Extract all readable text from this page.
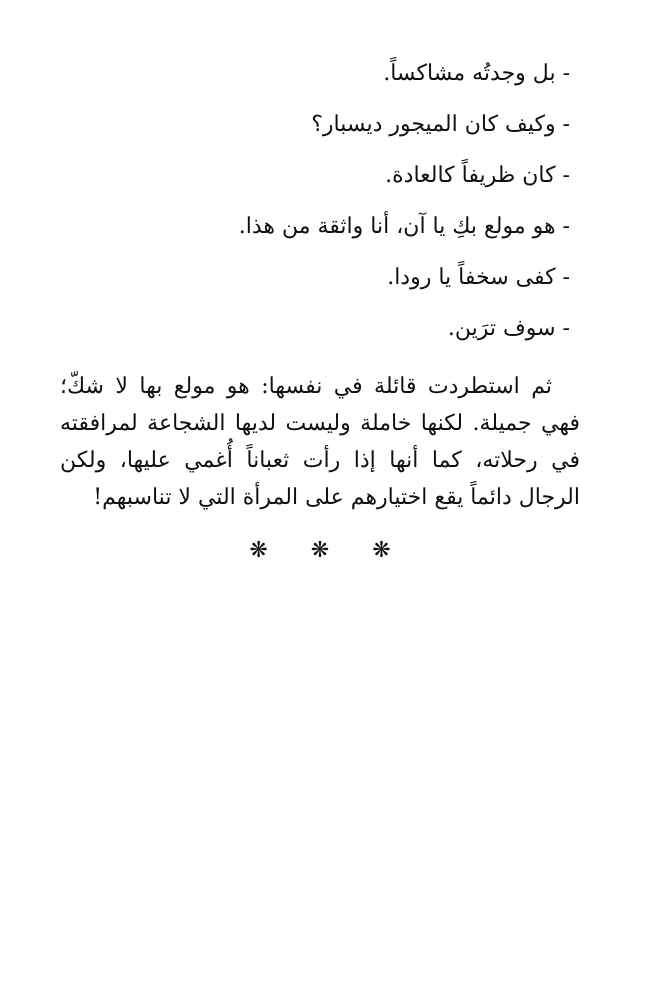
- بل وجدتُه مشاكساً.

- وكيف كان الميجور ديسبار؟

- كان ظريفاً كالعادة.

- هو مولع بكِ يا آن، أنا واثقة من هذا.

- كفى سخفاً يا رودا.

- سوف ترَين.

ثم استطردت قائلة في نفسها: هو مولع بها لا شكّ؛ فهي جميلة. لكنها خاملة وليست لديها الشجاعة لمرافقته في رحلاته، كما أنها إذا رأت ثعباناً أُغمي عليها، ولكن الرجال دائماً يقع اختيارهم على المرأة التي لا تناسبهم!

❋ ❋ ❋
